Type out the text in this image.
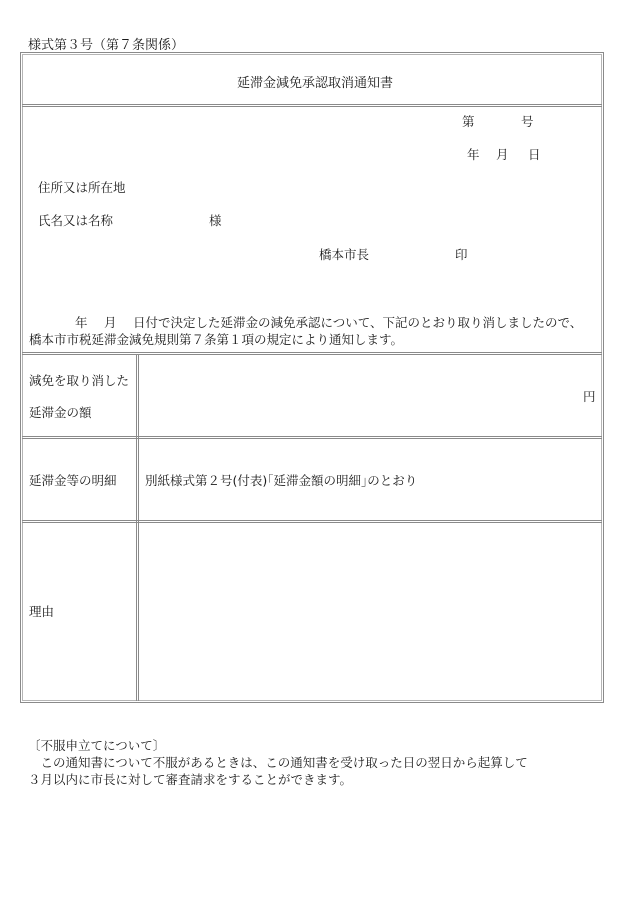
様式第３号（第７条関係）
延滞金減免承認取消通知書
第	号
年 月 日
住所又は所在地
氏名又は名称	様
橋本市長	印
年　 月 　日付で決定した延滞金の減免承認について、下記のとおり取り消しましたので、
橋本市市税延滞金減免規則第７条第１項の規定により通知します。
減免を取り消した
延滞金の額
円
延滞金等の明細 別紙様式第２号(付表)｢延滞金額の明細｣のとおり
理由
〔不服申立てについて〕
　この通知書について不服があるときは、この通知書を受け取った日の翌日から起算して
３月以内に市長に対して審査請求をすることができます。
